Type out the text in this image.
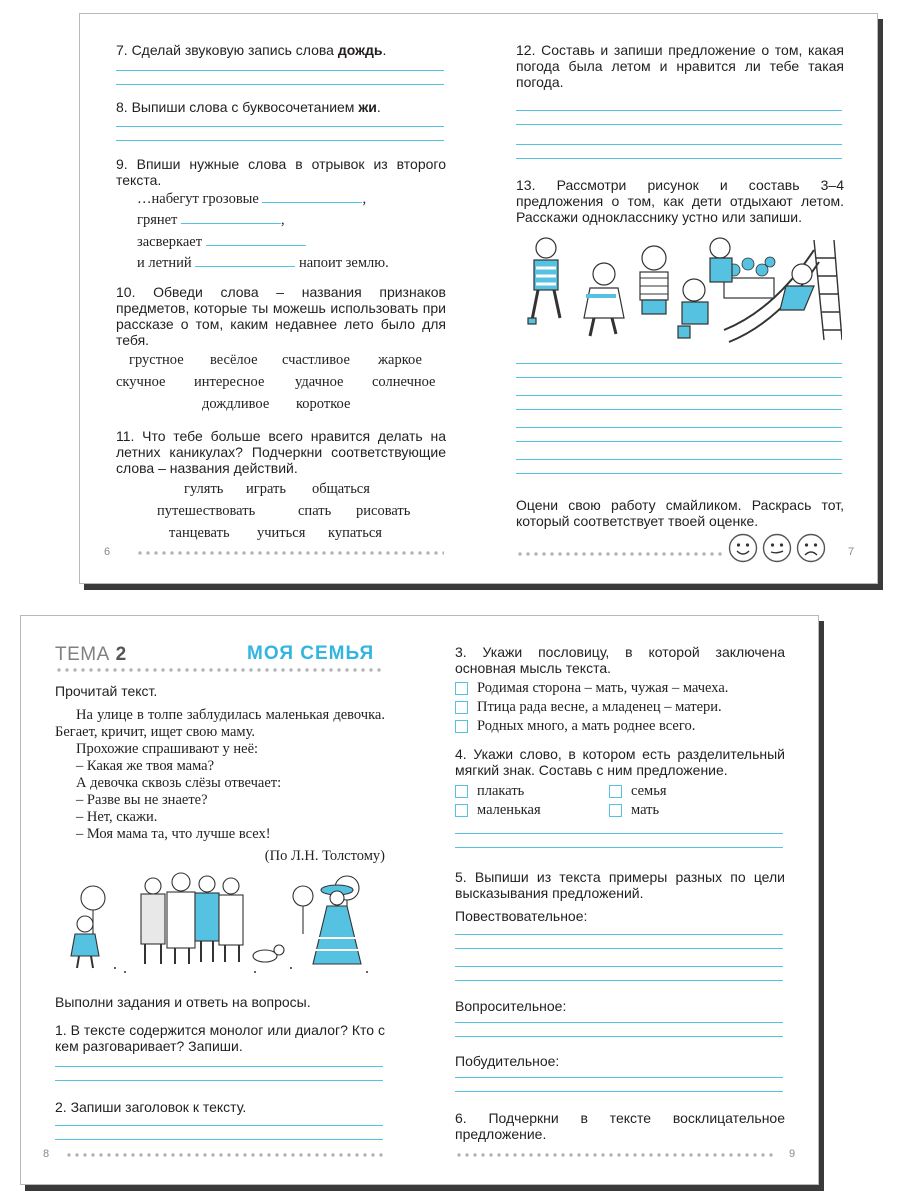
7. Сделай звуковую запись слова дождь.
8. Выпиши слова с буквосочетанием жи.
9. Впиши нужные слова в отрывок из второго текста.
…набегут грозовые	,
грянет	,
засверкает
и летний	напоит землю.
10. Обведи слова – названия признаков предметов, которые ты можешь использовать при рассказе о том, каким недавнее лето было для тебя.
грустное весёлое счастливое жаркое
скучное интересное удачное солнечное
дождливое короткое
11. Что тебе больше всего нравится делать на летних каникулах? Подчеркни соответствующие слова – названия действий.
гулять играть общаться
путешествовать	спать рисовать
танцевать учиться купаться
6
12. Составь и запиши предложение о том, какая погода была летом и нравится ли тебе такая погода.
13. Рассмотри рисунок и составь 3–4 предложения о том, как дети отдыхают летом. Расскажи однокласснику устно или запиши.
Оцени свою работу смайликом. Раскрась тот, который соответствует твоей оценке.
7
ТЕМА 2	МОЯ СЕМЬЯ
Прочитай текст.
На улице в толпе заблудилась маленькая девочка. Бегает, кричит, ищет свою маму.
Прохожие спрашивают у неё:
– Какая же твоя мама?
А девочка сквозь слёзы отвечает:
– Разве вы не знаете?
– Нет, скажи.
– Моя мама та, что лучше всех!
(По Л.Н. Толстому)
Выполни задания и ответь на вопросы.
1. В тексте содержится монолог или диалог? Кто с кем разговаривает? Запиши.
2. Запиши заголовок к тексту.
8
3. Укажи пословицу, в которой заключена основная мысль текста.
Родимая сторона – мать, чужая – мачеха.
Птица рада весне, а младенец – матери.
Родных много, а мать роднее всего.
4. Укажи слово, в котором есть разделительный мягкий знак. Составь с ним предложение.
плакать	семья
маленькая	мать
5. Выпиши из текста примеры разных по цели высказывания предложений.
Повествовательное:
Вопросительное:
Побудительное:
6. Подчеркни в тексте восклицательное предложение.
9
